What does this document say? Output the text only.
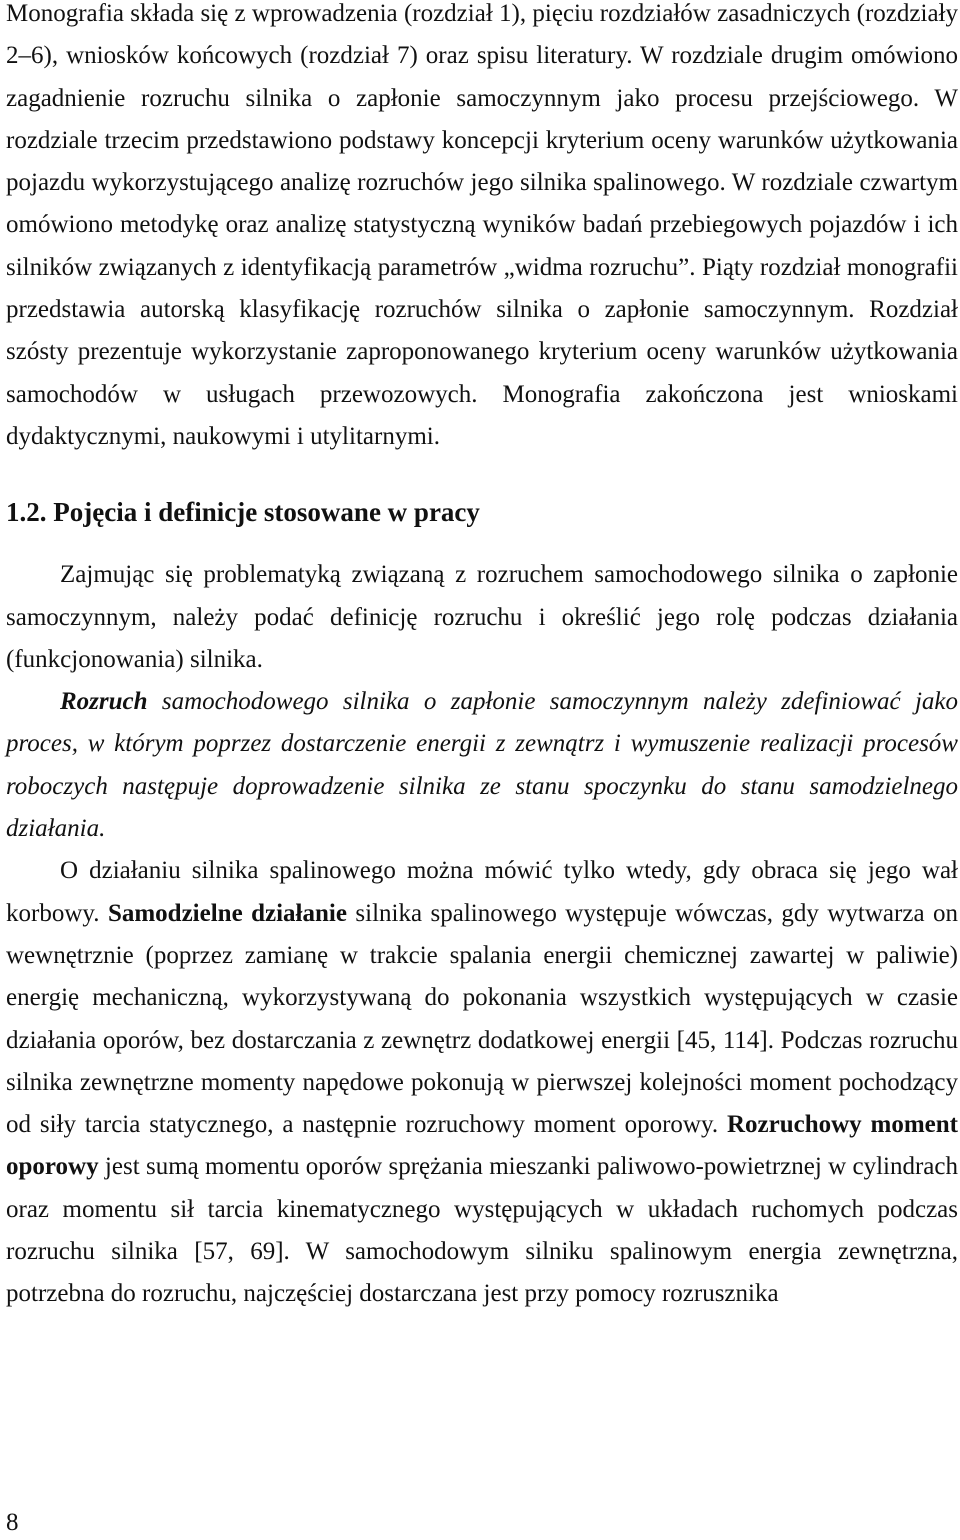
Monografia składa się z wprowadzenia (rozdział 1), pięciu rozdziałów zasadniczych (rozdziały 2–6), wniosków końcowych (rozdział 7) oraz spisu literatury. W rozdziale drugim omówiono zagadnienie rozruchu silnika o zapłonie samoczynnym jako procesu przejściowego. W rozdziale trzecim przedstawiono podstawy koncepcji kryterium oceny warunków użytkowania pojazdu wykorzystującego analizę rozruchów jego silnika spalinowego. W rozdziale czwartym omówiono metodykę oraz analizę statystyczną wyników badań przebiegowych pojazdów i ich silników związanych z identyfikacją parametrów „widma rozruchu”. Piąty rozdział monografii przedstawia autorską klasyfikację rozruchów silnika o zapłonie samoczynnym. Rozdział szósty prezentuje wykorzystanie zaproponowanego kryterium oceny warunków użytkowania samochodów w usługach przewozowych. Monografia zakończona jest wnioskami dydaktycznymi, naukowymi i utylitarnymi.

1.2. Pojęcia i definicje stosowane w pracy

Zajmując się problematyką związaną z rozruchem samochodowego silnika o zapłonie samoczynnym, należy podać definicję rozruchu i określić jego rolę podczas działania (funkcjonowania) silnika.

Rozruch samochodowego silnika o zapłonie samoczynnym należy zdefiniować jako proces, w którym poprzez dostarczenie energii z zewnątrz i wymuszenie realizacji procesów roboczych następuje doprowadzenie silnika ze stanu spoczynku do stanu samodzielnego działania.

O działaniu silnika spalinowego można mówić tylko wtedy, gdy obraca się jego wał korbowy. Samodzielne działanie silnika spalinowego występuje wówczas, gdy wytwarza on wewnętrznie (poprzez zamianę w trakcie spalania energii chemicznej zawartej w paliwie) energię mechaniczną, wykorzystywaną do pokonania wszystkich występujących w czasie działania oporów, bez dostarczania z zewnętrz dodatkowej energii [45, 114]. Podczas rozruchu silnika zewnętrzne momenty napędowe pokonują w pierwszej kolejności moment pochodzący od siły tarcia statycznego, a następnie rozruchowy moment oporowy. Rozruchowy moment oporowy jest sumą momentu oporów sprężania mieszanki paliwowo-powietrznej w cylindrach oraz momentu sił tarcia kinematycznego występujących w układach ruchomych podczas rozruchu silnika [57, 69]. W samochodowym silniku spalinowym energia zewnętrzna, potrzebna do rozruchu, najczęściej dostarczana jest przy pomocy rozrusznika

8
